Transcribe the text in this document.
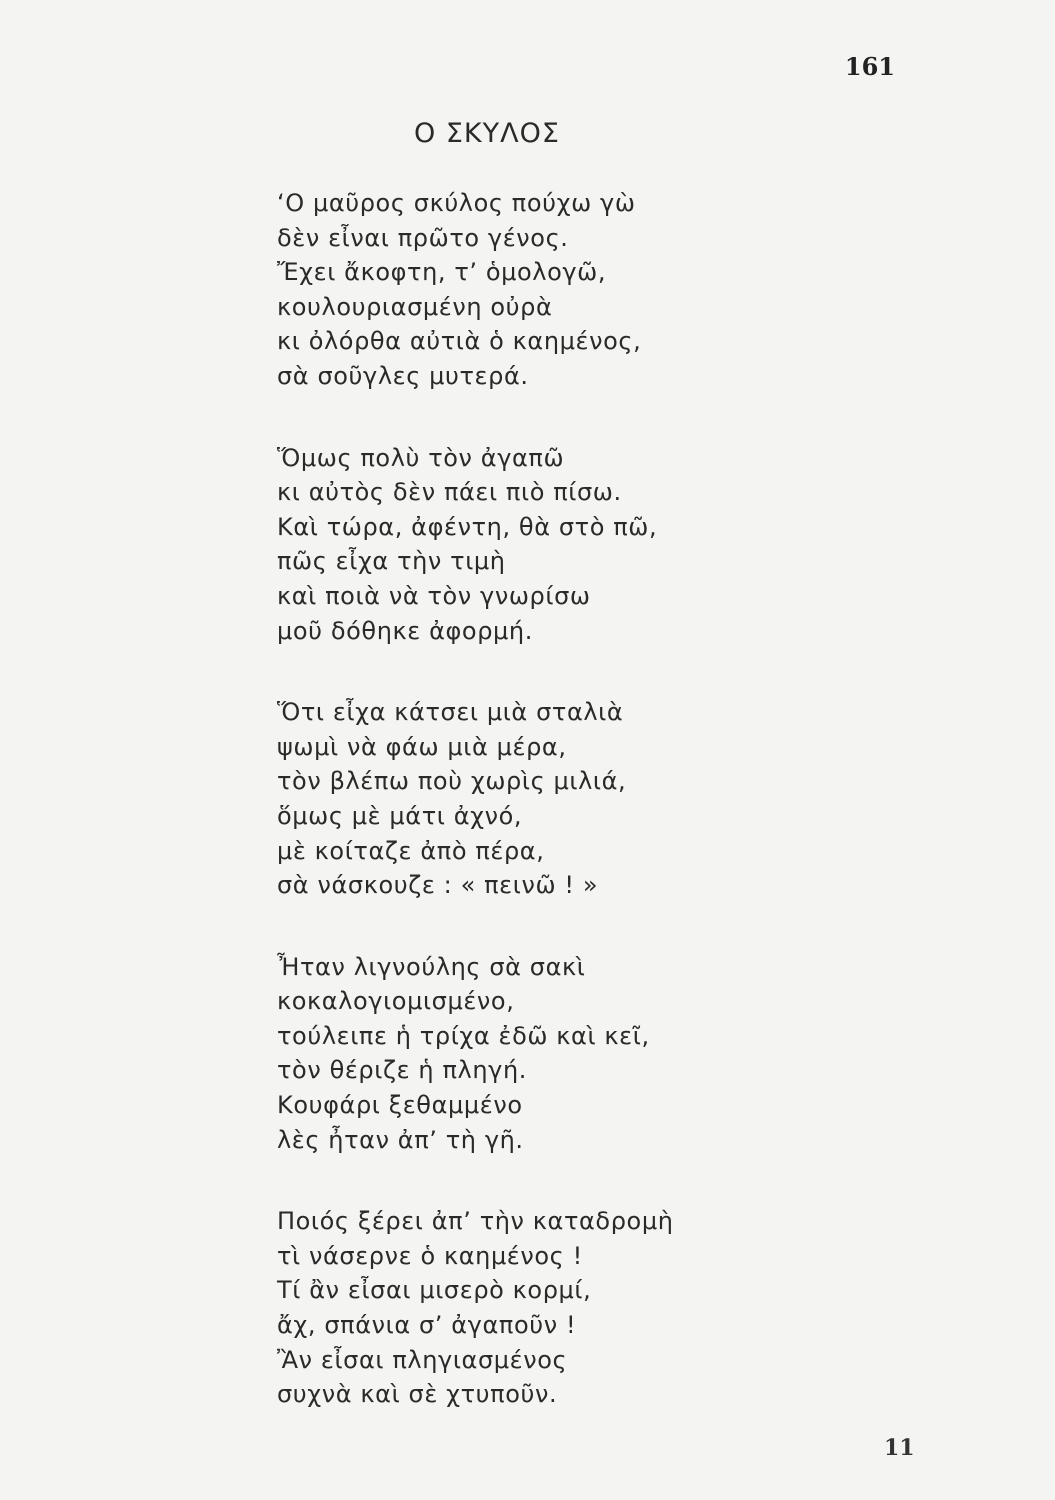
161
Ο ΣΚΥΛΟΣ
‘Ο μαῦρος σκύλος πούχω γὼ
δὲν εἶναι πρῶτο γένος.
Ἔχει ἄκοφτη, τ’ ὁμολογῶ,
κουλουριασμένη οὐρὰ
κι ὀλόρθα αὐτιὰ ὁ καημένος,
σὰ σοῦγλες μυτερά.
Ὅμως πολὺ τὸν ἀγαπῶ
κι αὐτὸς δὲν πάει πιὸ πίσω.
Καὶ τώρα, ἀφέντη, θὰ στὸ πῶ,
πῶς εἶχα τὴν τιμὴ
καὶ ποιὰ νὰ τὸν γνωρίσω
μοῦ δόθηκε ἀφορμή.
Ὅτι εἶχα κάτσει μιὰ σταλιὰ
ψωμὶ νὰ φάω μιὰ μέρα,
τὸν βλέπω ποὺ χωρὶς μιλιά,
ὅμως μὲ μάτι ἀχνό,
μὲ κοίταζε ἀπὸ πέρα,
σὰ νάσκουζε : « πεινῶ ! »
Ἦταν λιγνούλης σὰ σακὶ
κοκαλογιομισμένο,
τούλειπε ἡ τρίχα ἐδῶ καὶ κεῖ,
τὸν θέριζε ἡ πληγή.
Κουφάρι ξεθαμμένο
λὲς ἦταν ἀπ’ τὴ γῆ.
Ποιός ξέρει ἀπ’ τὴν καταδρομὴ
τὶ νάσερνε ὁ καημένος !
Τί ἂν εἶσαι μισερὸ κορμί,
ἄχ, σπάνια σ’ ἀγαποῦν !
Ἂν εἶσαι πληγιασμένος
συχνὰ καὶ σὲ χτυποῦν.
11
